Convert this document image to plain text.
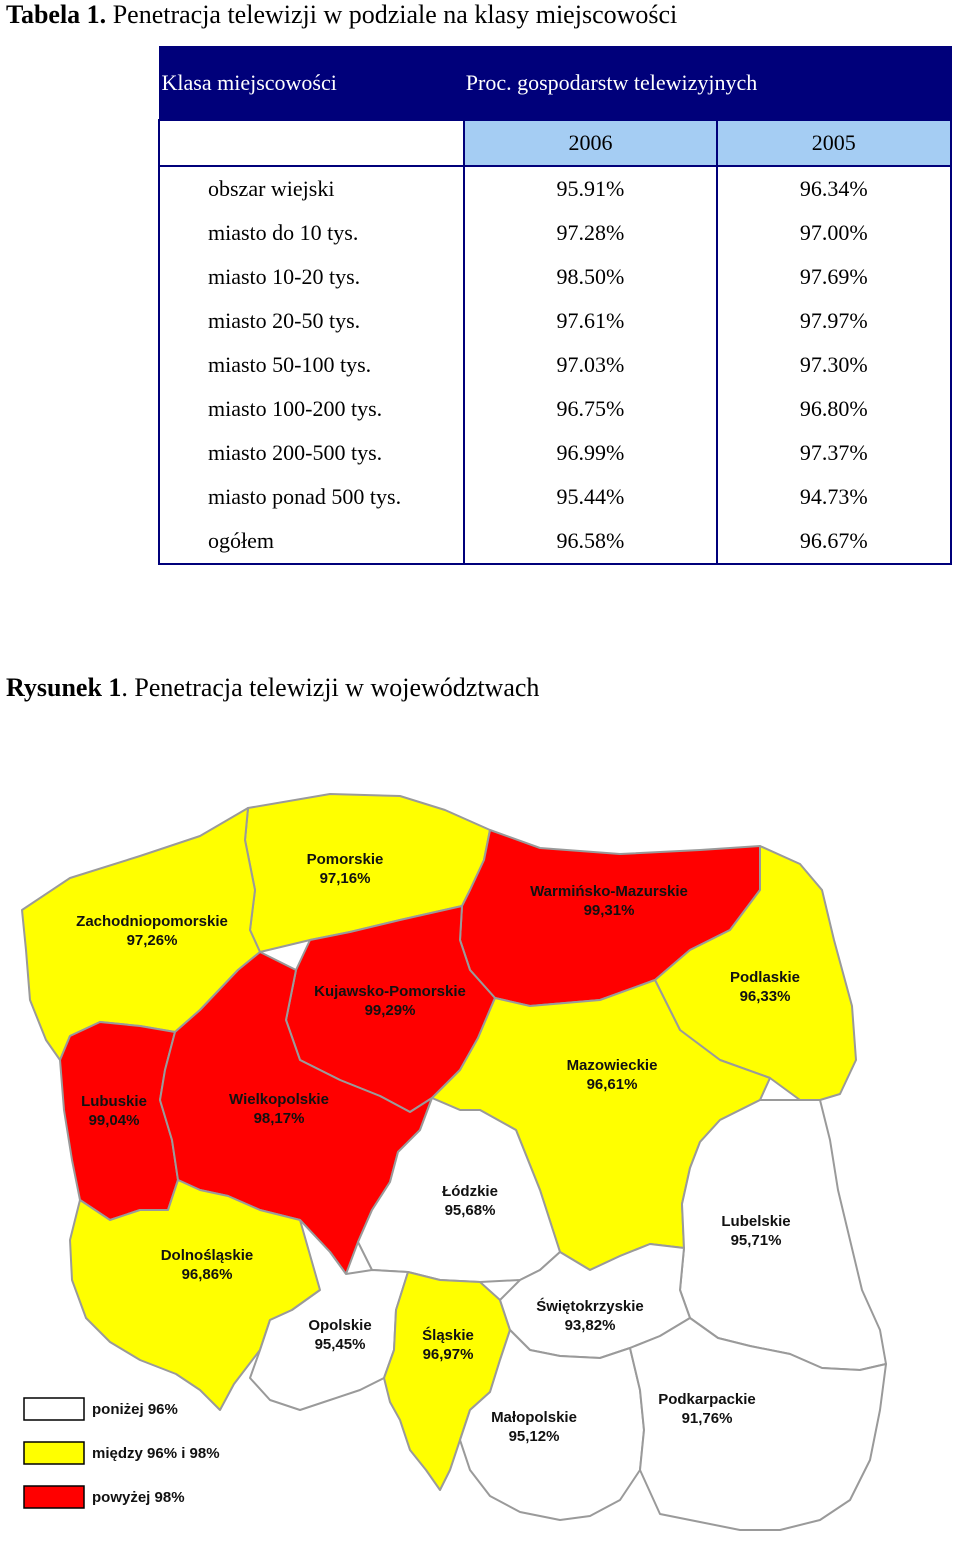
Tabela 1. Penetracja telewizji w podziale na klasy miejscowości
Klasa miejscowości	Proc. gospodarstw telewizyjnych	
	2006	2005
obszar wiejski	95.91%	96.34%
miasto do 10 tys.	97.28%	97.00%
miasto 10-20 tys.	98.50%	97.69%
miasto 20-50 tys.	97.61%	97.97%
miasto 50-100 tys.	97.03%	97.30%
miasto 100-200 tys.	96.75%	96.80%
miasto 200-500 tys.	96.99%	97.37%
miasto ponad 500 tys.	95.44%	94.73%
ogółem	96.58%	96.67%
Rysunek 1. Penetracja telewizji w województwach
Pomorskie
97,16%
Zachodniopomorskie
97,26%
Warmińsko-Mazurskie
99,31%
Kujawsko-Pomorskie
99,29%
Podlaskie
96,33%
Lubuskie
99,04%
Wielkopolskie
98,17%
Mazowieckie
96,61%
Łódzkie
95,68%
Lubelskie
95,71%
Dolnośląskie
96,86%
Opolskie
95,45%
Śląskie
96,97%
Świętokrzyskie
93,82%
Małopolskie
95,12%
Podkarpackie
91,76%
poniżej 96%
między 96% i 98%
powyżej 98%
